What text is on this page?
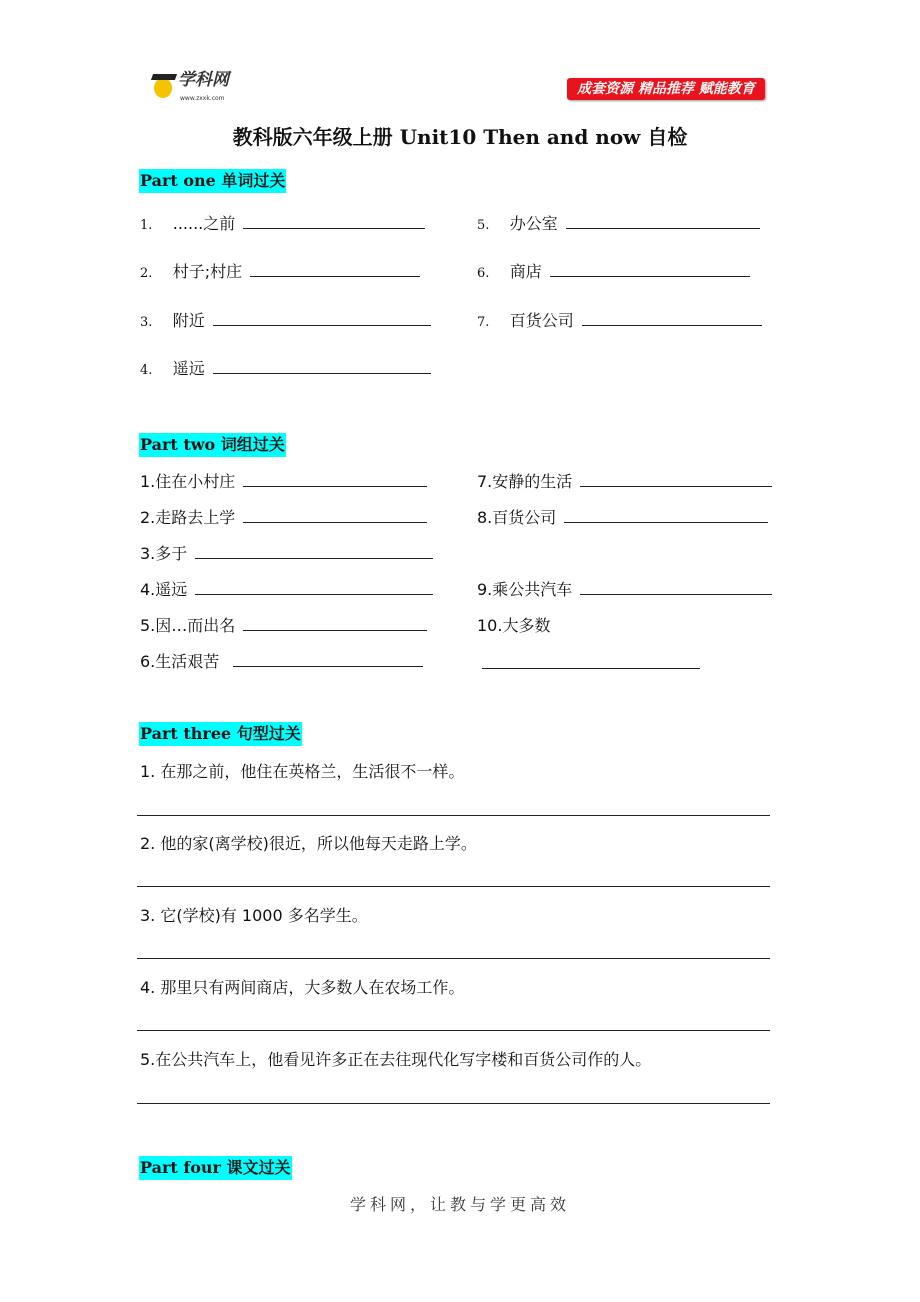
学科网
www.zxxk.com
成套资源 精品推荐 赋能教育
教科版六年级上册 Unit10 Then and now 自检
Part one 单词过关
1. ......之前
2. 村子;村庄
3. 附近
4. 遥远
5. 办公室
6. 商店
7. 百货公司
Part two 词组过关
1.住在小村庄
2.走路去上学
3.多于
4.遥远
5.因…而出名
6.生活艰苦
7.安静的生活
8.百货公司
9.乘公共汽车
10.大多数
Part three 句型过关
1. 在那之前，他住在英格兰，生活很不一样。
2. 他的家(离学校)很近，所以他每天走路上学。
3. 它(学校)有 1000 多名学生。
4. 那里只有两间商店，大多数人在农场工作。
5.在公共汽车上，他看见许多正在去往现代化写字楼和百货公司作的人。
Part four 课文过关
学科网，让教与学更高效
